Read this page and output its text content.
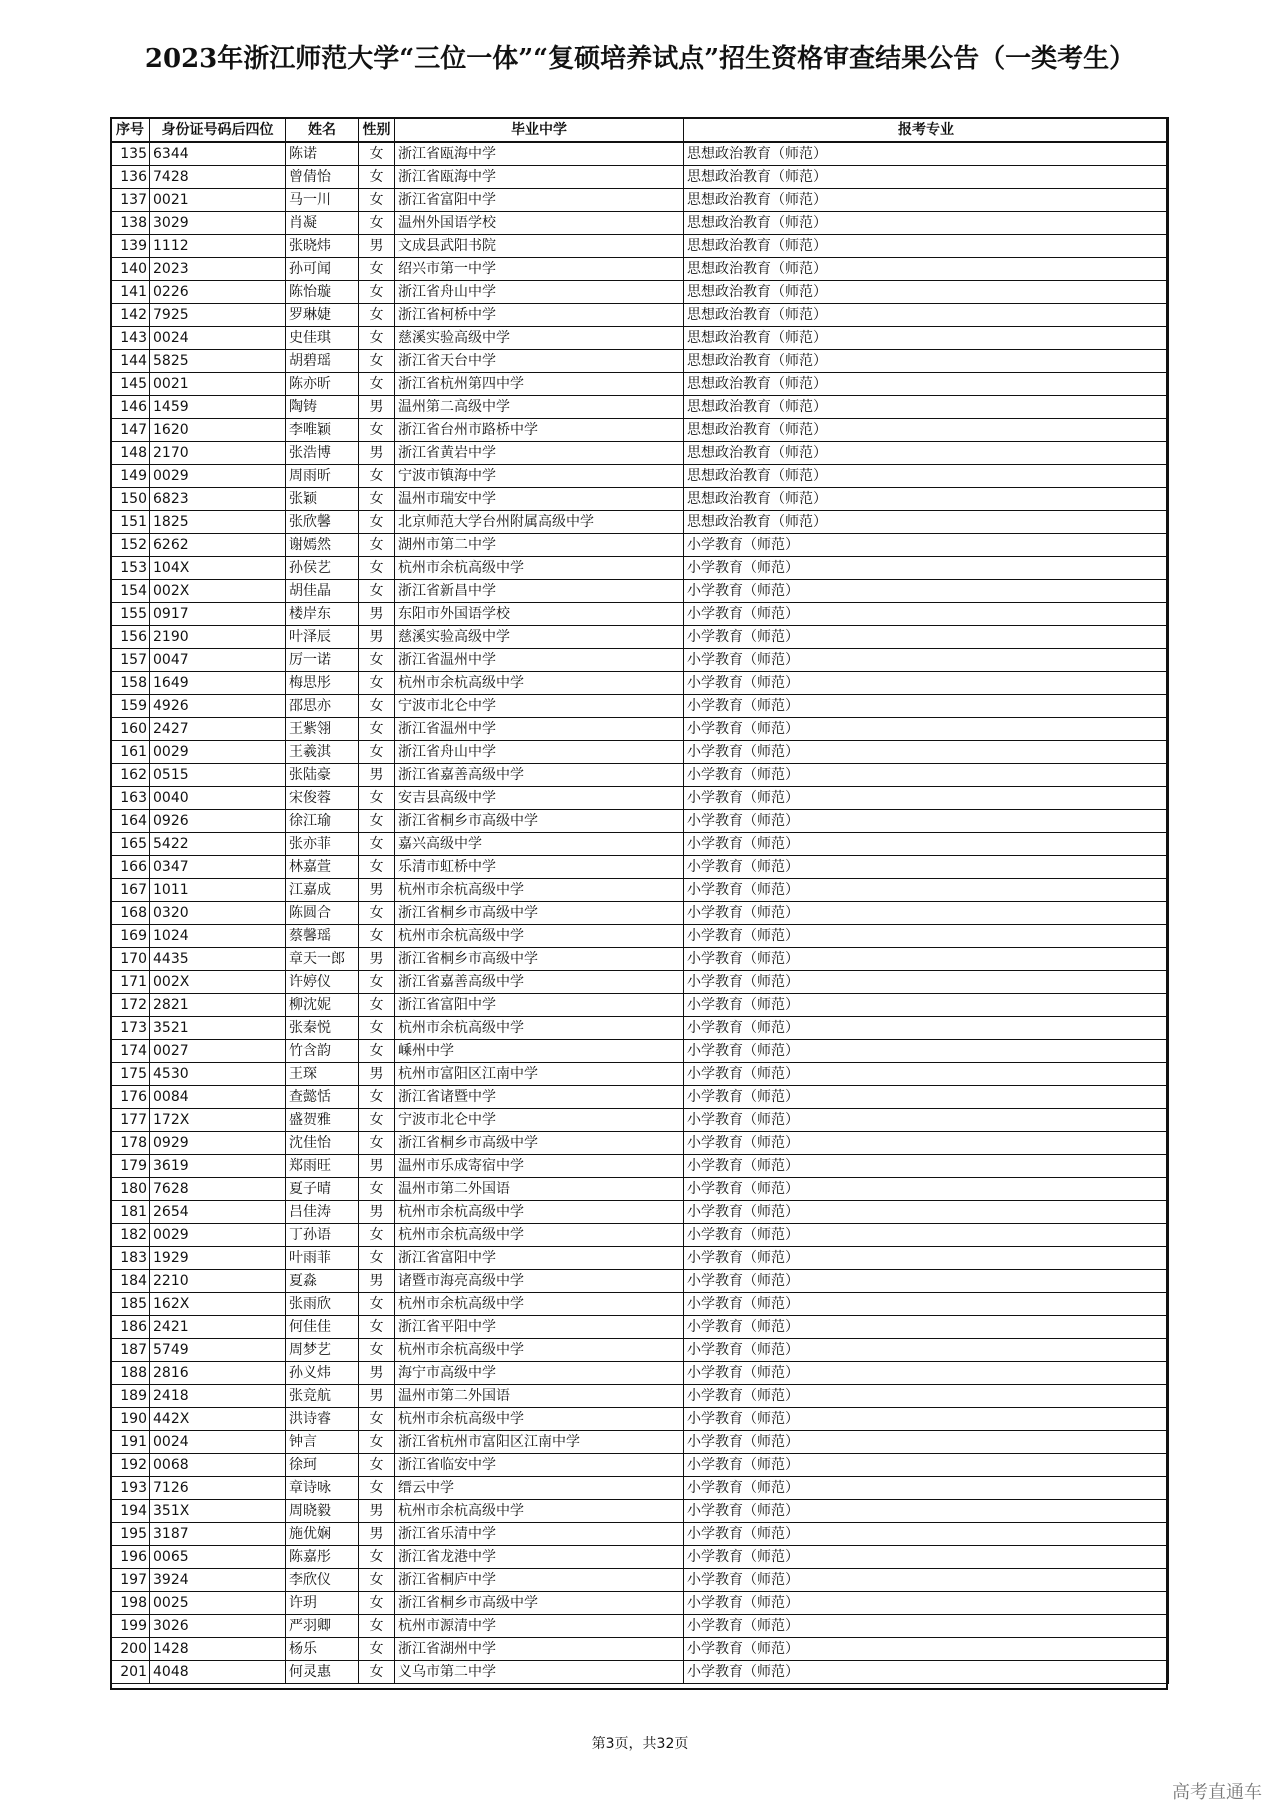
2023年浙江师范大学“三位一体”“复硕培养试点”招生资格审查结果公告（一类考生）
序号	身份证号码后四位	姓名	性别	毕业中学	报考专业
135	6344	陈诺	女	浙江省瓯海中学	思想政治教育（师范）
136	7428	曾倩怡	女	浙江省瓯海中学	思想政治教育（师范）
137	0021	马一川	女	浙江省富阳中学	思想政治教育（师范）
138	3029	肖凝	女	温州外国语学校	思想政治教育（师范）
139	1112	张晓炜	男	文成县武阳书院	思想政治教育（师范）
140	2023	孙可闻	女	绍兴市第一中学	思想政治教育（师范）
141	0226	陈怡璇	女	浙江省舟山中学	思想政治教育（师范）
142	7925	罗琳婕	女	浙江省柯桥中学	思想政治教育（师范）
143	0024	史佳琪	女	慈溪实验高级中学	思想政治教育（师范）
144	5825	胡碧瑶	女	浙江省天台中学	思想政治教育（师范）
145	0021	陈亦昕	女	浙江省杭州第四中学	思想政治教育（师范）
146	1459	陶铸	男	温州第二高级中学	思想政治教育（师范）
147	1620	李唯颖	女	浙江省台州市路桥中学	思想政治教育（师范）
148	2170	张浩博	男	浙江省黄岩中学	思想政治教育（师范）
149	0029	周雨昕	女	宁波市镇海中学	思想政治教育（师范）
150	6823	张颖	女	温州市瑞安中学	思想政治教育（师范）
151	1825	张欣馨	女	北京师范大学台州附属高级中学	思想政治教育（师范）
152	6262	谢嫣然	女	湖州市第二中学	小学教育（师范）
153	104X	孙侯艺	女	杭州市余杭高级中学	小学教育（师范）
154	002X	胡佳晶	女	浙江省新昌中学	小学教育（师范）
155	0917	楼岸东	男	东阳市外国语学校	小学教育（师范）
156	2190	叶泽辰	男	慈溪实验高级中学	小学教育（师范）
157	0047	厉一诺	女	浙江省温州中学	小学教育（师范）
158	1649	梅思彤	女	杭州市余杭高级中学	小学教育（师范）
159	4926	邵思亦	女	宁波市北仑中学	小学教育（师范）
160	2427	王紫翎	女	浙江省温州中学	小学教育（师范）
161	0029	王羲淇	女	浙江省舟山中学	小学教育（师范）
162	0515	张陆豪	男	浙江省嘉善高级中学	小学教育（师范）
163	0040	宋俊蓉	女	安吉县高级中学	小学教育（师范）
164	0926	徐江瑜	女	浙江省桐乡市高级中学	小学教育（师范）
165	5422	张亦菲	女	嘉兴高级中学	小学教育（师范）
166	0347	林嘉萱	女	乐清市虹桥中学	小学教育（师范）
167	1011	江嘉成	男	杭州市余杭高级中学	小学教育（师范）
168	0320	陈圆合	女	浙江省桐乡市高级中学	小学教育（师范）
169	1024	蔡馨瑶	女	杭州市余杭高级中学	小学教育（师范）
170	4435	章天一郎	男	浙江省桐乡市高级中学	小学教育（师范）
171	002X	许婷仪	女	浙江省嘉善高级中学	小学教育（师范）
172	2821	柳沈妮	女	浙江省富阳中学	小学教育（师范）
173	3521	张秦悦	女	杭州市余杭高级中学	小学教育（师范）
174	0027	竹含韵	女	嵊州中学	小学教育（师范）
175	4530	王琛	男	杭州市富阳区江南中学	小学教育（师范）
176	0084	查懿恬	女	浙江省诸暨中学	小学教育（师范）
177	172X	盛贺雅	女	宁波市北仑中学	小学教育（师范）
178	0929	沈佳怡	女	浙江省桐乡市高级中学	小学教育（师范）
179	3619	郑雨旺	男	温州市乐成寄宿中学	小学教育（师范）
180	7628	夏子晴	女	温州市第二外国语	小学教育（师范）
181	2654	吕佳涛	男	杭州市余杭高级中学	小学教育（师范）
182	0029	丁孙语	女	杭州市余杭高级中学	小学教育（师范）
183	1929	叶雨菲	女	浙江省富阳中学	小学教育（师范）
184	2210	夏淼	男	诸暨市海亮高级中学	小学教育（师范）
185	162X	张雨欣	女	杭州市余杭高级中学	小学教育（师范）
186	2421	何佳佳	女	浙江省平阳中学	小学教育（师范）
187	5749	周梦艺	女	杭州市余杭高级中学	小学教育（师范）
188	2816	孙义炜	男	海宁市高级中学	小学教育（师范）
189	2418	张竞航	男	温州市第二外国语	小学教育（师范）
190	442X	洪诗睿	女	杭州市余杭高级中学	小学教育（师范）
191	0024	钟言	女	浙江省杭州市富阳区江南中学	小学教育（师范）
192	0068	徐珂	女	浙江省临安中学	小学教育（师范）
193	7126	章诗咏	女	缙云中学	小学教育（师范）
194	351X	周晓毅	男	杭州市余杭高级中学	小学教育（师范）
195	3187	施优娴	男	浙江省乐清中学	小学教育（师范）
196	0065	陈嘉彤	女	浙江省龙港中学	小学教育（师范）
197	3924	李欣仪	女	浙江省桐庐中学	小学教育（师范）
198	0025	许玥	女	浙江省桐乡市高级中学	小学教育（师范）
199	3026	严羽卿	女	杭州市源清中学	小学教育（师范）
200	1428	杨乐	女	浙江省湖州中学	小学教育（师范）
201	4048	何灵惠	女	义乌市第二中学	小学教育（师范）
第3页，共32页
高考直通车
